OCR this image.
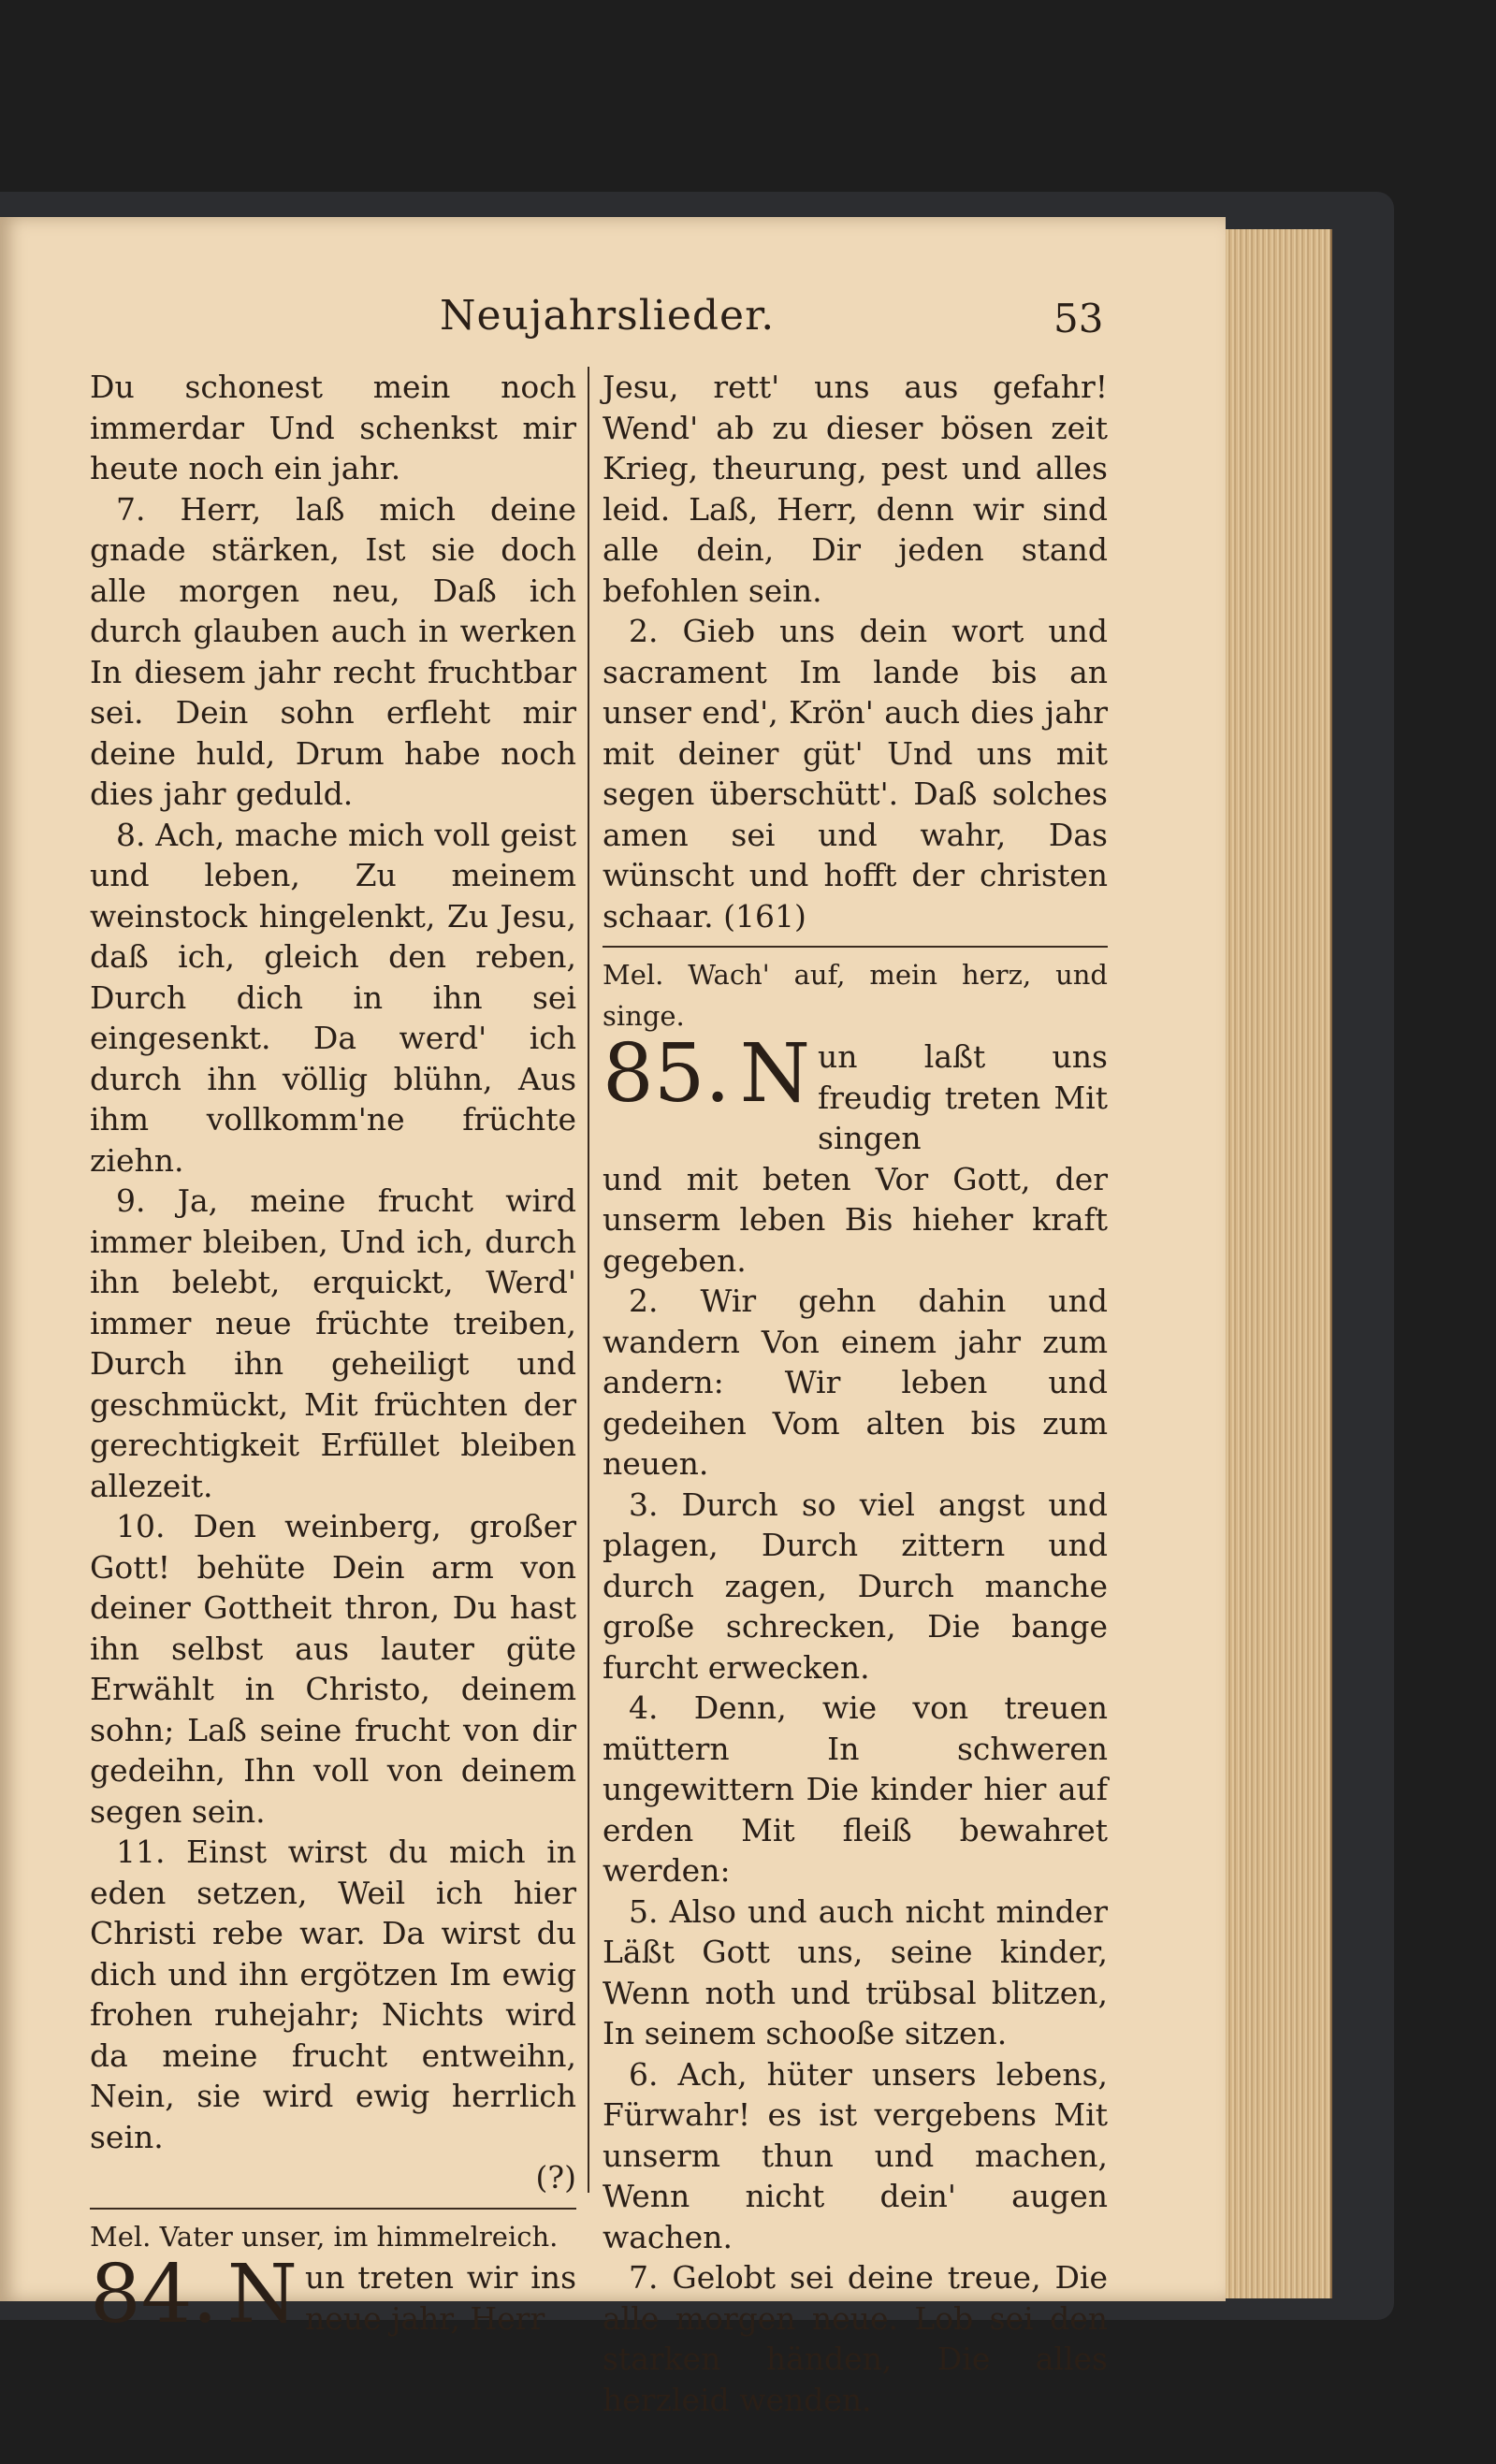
Neujahrslieder.	53

Du schonest mein noch immerdar Und schenkst mir heute noch ein jahr.

7. Herr, laß mich deine gnade stärken, Ist sie doch alle morgen neu, Daß ich durch glauben auch in werken In diesem jahr recht fruchtbar sei. Dein sohn erfleht mir deine huld, Drum habe noch dies jahr geduld.

8. Ach, mache mich voll geist und leben, Zu meinem weinstock hingelenkt, Zu Jesu, daß ich, gleich den reben, Durch dich in ihn sei eingesenkt. Da werd' ich durch ihn völlig blühn, Aus ihm vollkomm'ne früchte ziehn.

9. Ja, meine frucht wird immer bleiben, Und ich, durch ihn belebt, erquickt, Werd' immer neue früchte treiben, Durch ihn geheiligt und geschmückt, Mit früchten der gerechtigkeit Erfüllet bleiben allezeit.

10. Den weinberg, großer Gott! behüte Dein arm von deiner Gottheit thron, Du hast ihn selbst aus lauter güte Erwählt in Christo, deinem sohn; Laß seine frucht von dir gedeihn, Ihn voll von deinem segen sein.

11. Einst wirst du mich in eden setzen, Weil ich hier Christi rebe war. Da wirst du dich und ihn ergötzen Im ewig frohen ruhejahr; Nichts wird da meine frucht entweihn, Nein, sie wird ewig herrlich sein.

(?)

Mel. Vater unser, im himmelreich.

84. N un treten wir ins neue jahr, Herr

Jesu, rett' uns aus gefahr! Wend' ab zu dieser bösen zeit Krieg, theurung, pest und alles leid. Laß, Herr, denn wir sind alle dein, Dir jeden stand befohlen sein.

2. Gieb uns dein wort und sacrament Im lande bis an unser end', Krön' auch dies jahr mit deiner güt' Und uns mit segen überschütt'. Daß solches amen sei und wahr, Das wünscht und hofft der christen schaar. (161)

Mel. Wach' auf, mein herz, und singe.

85. N un laßt uns freudig treten Mit singen

und mit beten Vor Gott, der unserm leben Bis hieher kraft gegeben.

2. Wir gehn dahin und wandern Von einem jahr zum andern: Wir leben und gedeihen Vom alten bis zum neuen.

3. Durch so viel angst und plagen, Durch zittern und durch zagen, Durch manche große schrecken, Die bange furcht erwecken.

4. Denn, wie von treuen müttern In schweren ungewittern Die kinder hier auf erden Mit fleiß bewahret werden:

5. Also und auch nicht minder Läßt Gott uns, seine kinder, Wenn noth und trübsal blitzen, In seinem schooße sitzen.

6. Ach, hüter unsers lebens, Fürwahr! es ist vergebens Mit unserm thun und machen, Wenn nicht dein' augen wachen.

7. Gelobt sei deine treue, Die alle morgen neue. Lob sei den starken händen, Die alles herzleid wenden.
